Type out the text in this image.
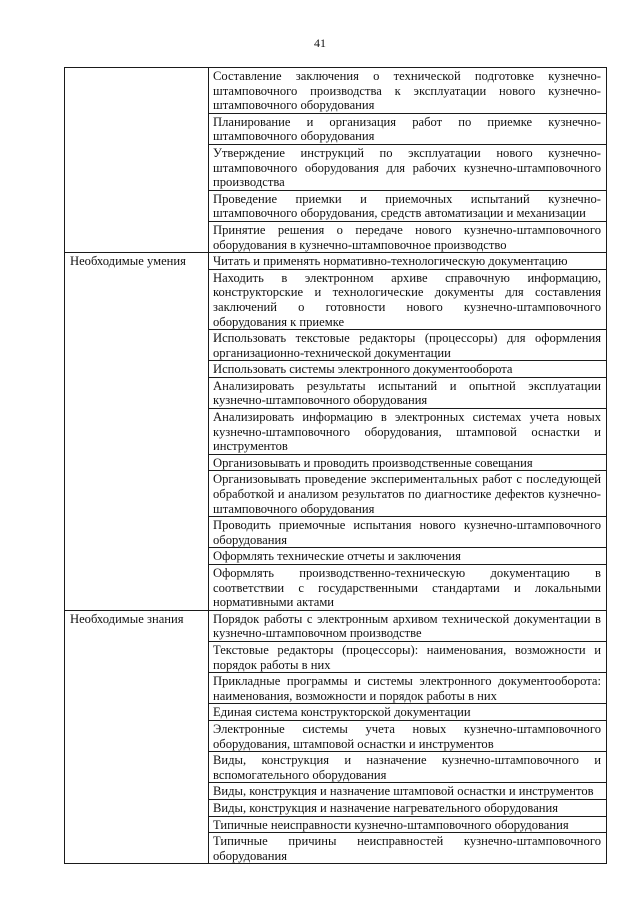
41
	Составление заключения о технической подготовке кузнечно-штамповочного производства к эксплуатации нового кузнечно-штамповочного оборудования
	Планирование и организация работ по приемке кузнечно-штамповочного оборудования
	Утверждение инструкций по эксплуатации нового кузнечно-штамповочного оборудования для рабочих кузнечно-штамповочного производства
	Проведение приемки и приемочных испытаний кузнечно-штамповочного оборудования, средств автоматизации и механизации
	Принятие решения о передаче нового кузнечно-штамповочного оборудования в кузнечно-штамповочное производство
Необходимые умения	Читать и применять нормативно-технологическую документацию
	Находить в электронном архиве справочную информацию, конструкторские и технологические документы для составления заключений о готовности нового кузнечно-штамповочного оборудования к приемке
	Использовать текстовые редакторы (процессоры) для оформления организационно-технической документации
	Использовать системы электронного документооборота
	Анализировать результаты испытаний и опытной эксплуатации кузнечно-штамповочного оборудования
	Анализировать информацию в электронных системах учета новых кузнечно-штамповочного оборудования, штамповой оснастки и инструментов
	Организовывать и проводить производственные совещания
	Организовывать проведение экспериментальных работ с последующей обработкой и анализом результатов по диагностике дефектов кузнечно-штамповочного оборудования
	Проводить приемочные испытания нового кузнечно-штамповочного оборудования
	Оформлять технические отчеты и заключения
	Оформлять производственно-техническую документацию в соответствии с государственными стандартами и локальными нормативными актами
Необходимые знания	Порядок работы с электронным архивом технической документации в кузнечно-штамповочном производстве
	Текстовые редакторы (процессоры): наименования, возможности и порядок работы в них
	Прикладные программы и системы электронного документооборота: наименования, возможности и порядок работы в них
	Единая система конструкторской документации
	Электронные системы учета новых кузнечно-штамповочного оборудования, штамповой оснастки и инструментов
	Виды, конструкция и назначение кузнечно-штамповочного и вспомогательного оборудования
	Виды, конструкция и назначение штамповой оснастки и инструментов
	Виды, конструкция и назначение нагревательного оборудования
	Типичные неисправности кузнечно-штамповочного оборудования
	Типичные причины неисправностей кузнечно-штамповочного оборудования
